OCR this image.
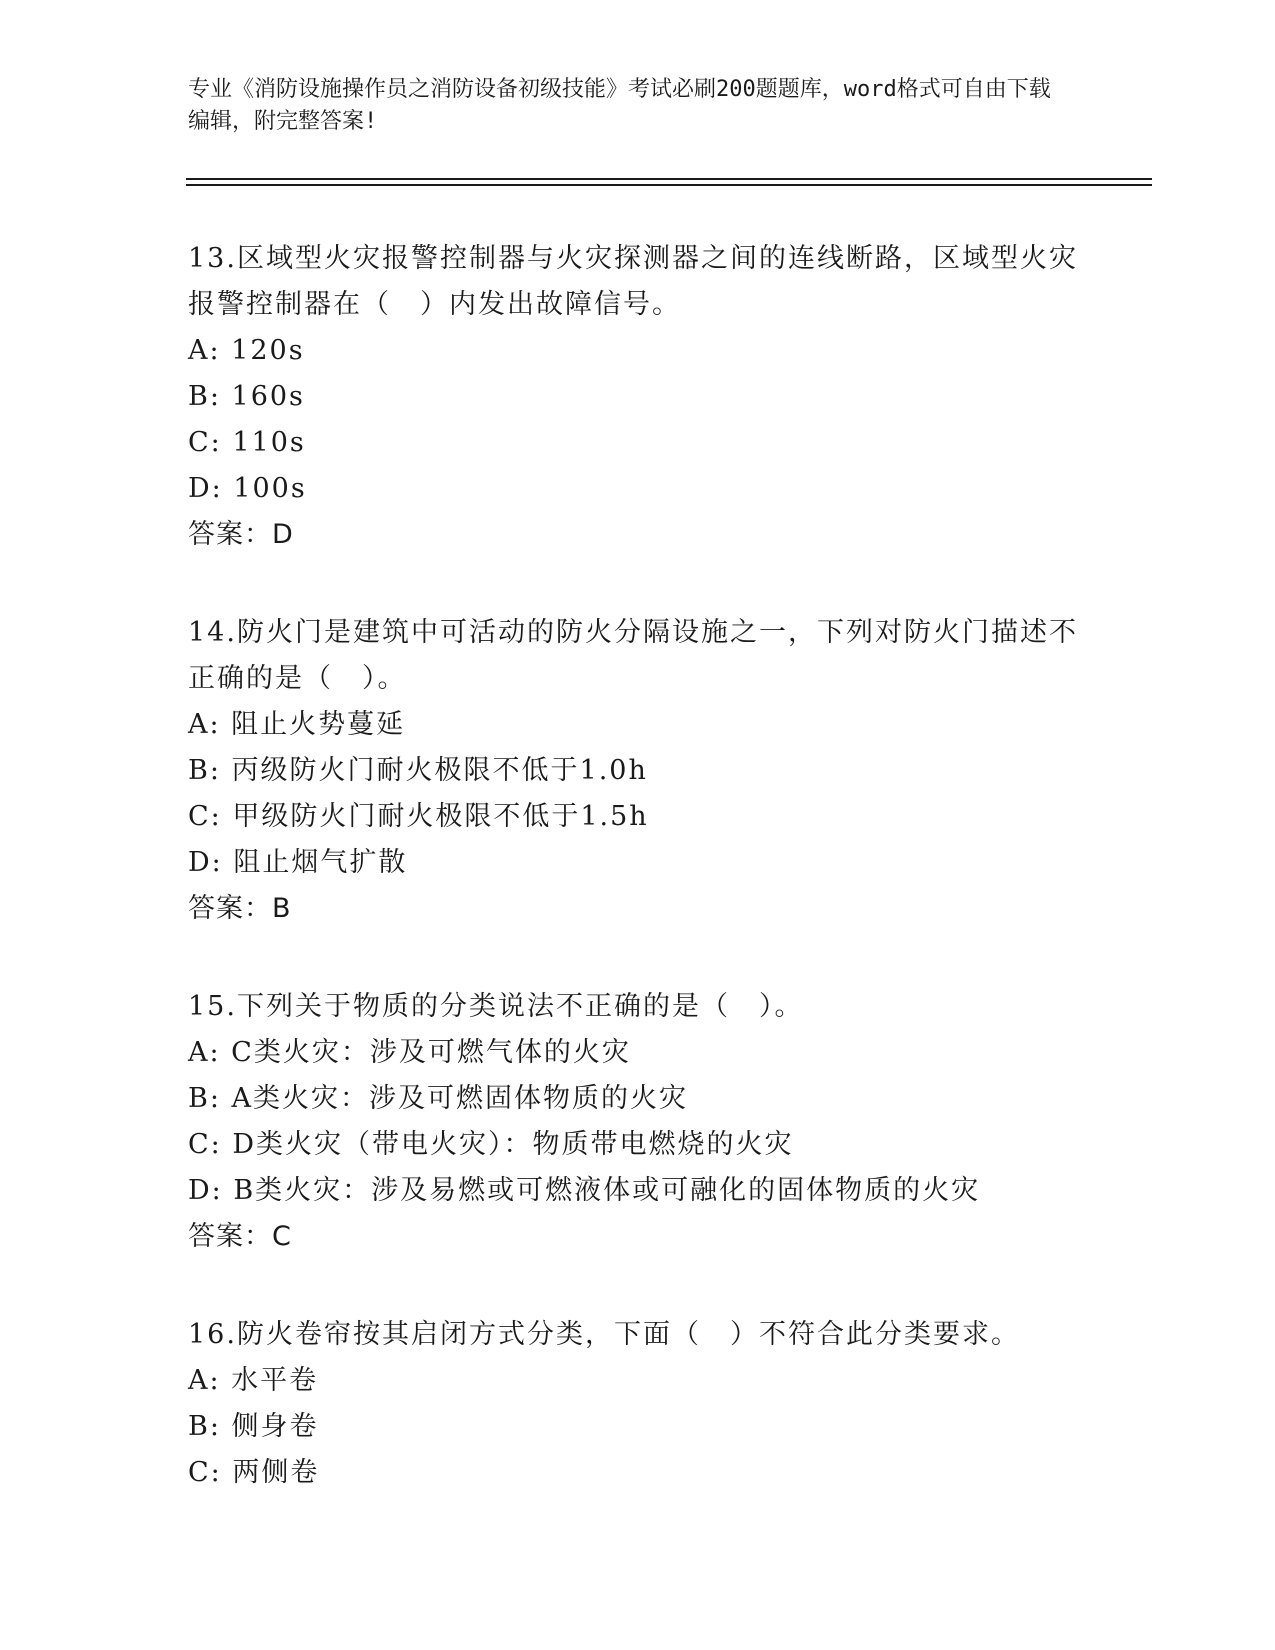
专业《消防设施操作员之消防设备初级技能》考试必刷200题题库，word格式可自由下载编辑，附完整答案!

13.区域型火灾报警控制器与火灾探测器之间的连线断路，区域型火灾报警控制器在（　）内发出故障信号。

A: 120s
B: 160s
C: 110s
D: 100s
答案：D

14.防火门是建筑中可活动的防火分隔设施之一，下列对防火门描述不正确的是（　）。

A: 阻止火势蔓延
B: 丙级防火门耐火极限不低于1.0h
C: 甲级防火门耐火极限不低于1.5h
D: 阻止烟气扩散
答案：B

15.下列关于物质的分类说法不正确的是（　）。

A: C类火灾：涉及可燃气体的火灾
B: A类火灾：涉及可燃固体物质的火灾
C: D类火灾（带电火灾）：物质带电燃烧的火灾
D: B类火灾：涉及易燃或可燃液体或可融化的固体物质的火灾
答案：C

16.防火卷帘按其启闭方式分类，下面（　）不符合此分类要求。

A: 水平卷
B: 侧身卷
C: 两侧卷
